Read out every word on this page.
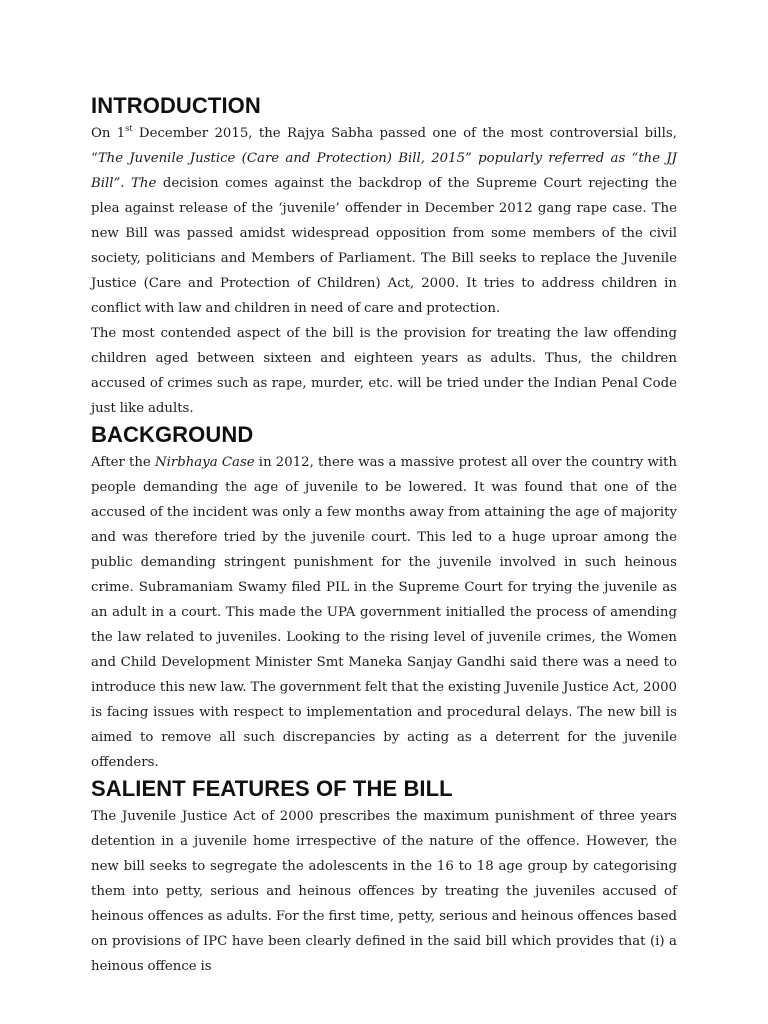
INTRODUCTION

On 1st December 2015, the Rajya Sabha passed one of the most controversial bills, “The Juvenile Justice (Care and Protection) Bill, 2015” popularly referred as “the JJ Bill”. The decision comes against the backdrop of the Supreme Court rejecting the plea against release of the ‘juvenile’ offender in December 2012 gang rape case. The new Bill was passed amidst widespread opposition from some members of the civil society, politicians and Members of Parliament. The Bill seeks to replace the Juvenile Justice (Care and Protection of Children) Act, 2000. It tries to address children in conflict with law and children in need of care and protection.

The most contended aspect of the bill is the provision for treating the law offending children aged between sixteen and eighteen years as adults. Thus, the children accused of crimes such as rape, murder, etc. will be tried under the Indian Penal Code just like adults.

BACKGROUND

After the Nirbhaya Case in 2012, there was a massive protest all over the country with people demanding the age of juvenile to be lowered. It was found that one of the accused of the incident was only a few months away from attaining the age of majority and was therefore tried by the juvenile court. This led to a huge uproar among the public demanding stringent punishment for the juvenile involved in such heinous crime. Subramaniam Swamy filed PIL in the Supreme Court for trying the juvenile as an adult in a court. This made the UPA government initialled the process of amending the law related to juveniles. Looking to the rising level of juvenile crimes, the Women and Child Development Minister Smt Maneka Sanjay Gandhi said there was a need to introduce this new law. The government felt that the existing Juvenile Justice Act, 2000 is facing issues with respect to implementation and procedural delays. The new bill is aimed to remove all such discrepancies by acting as a deterrent for the juvenile offenders.

SALIENT FEATURES OF THE BILL

The Juvenile Justice Act of 2000 prescribes the maximum punishment of three years detention in a juvenile home irrespective of the nature of the offence. However, the new bill seeks to segregate the adolescents in the 16 to 18 age group by categorising them into petty, serious and heinous offences by treating the juveniles accused of heinous offences as adults. For the first time, petty, serious and heinous offences based on provisions of IPC have been clearly defined in the said bill which provides that (i) a heinous offence is
